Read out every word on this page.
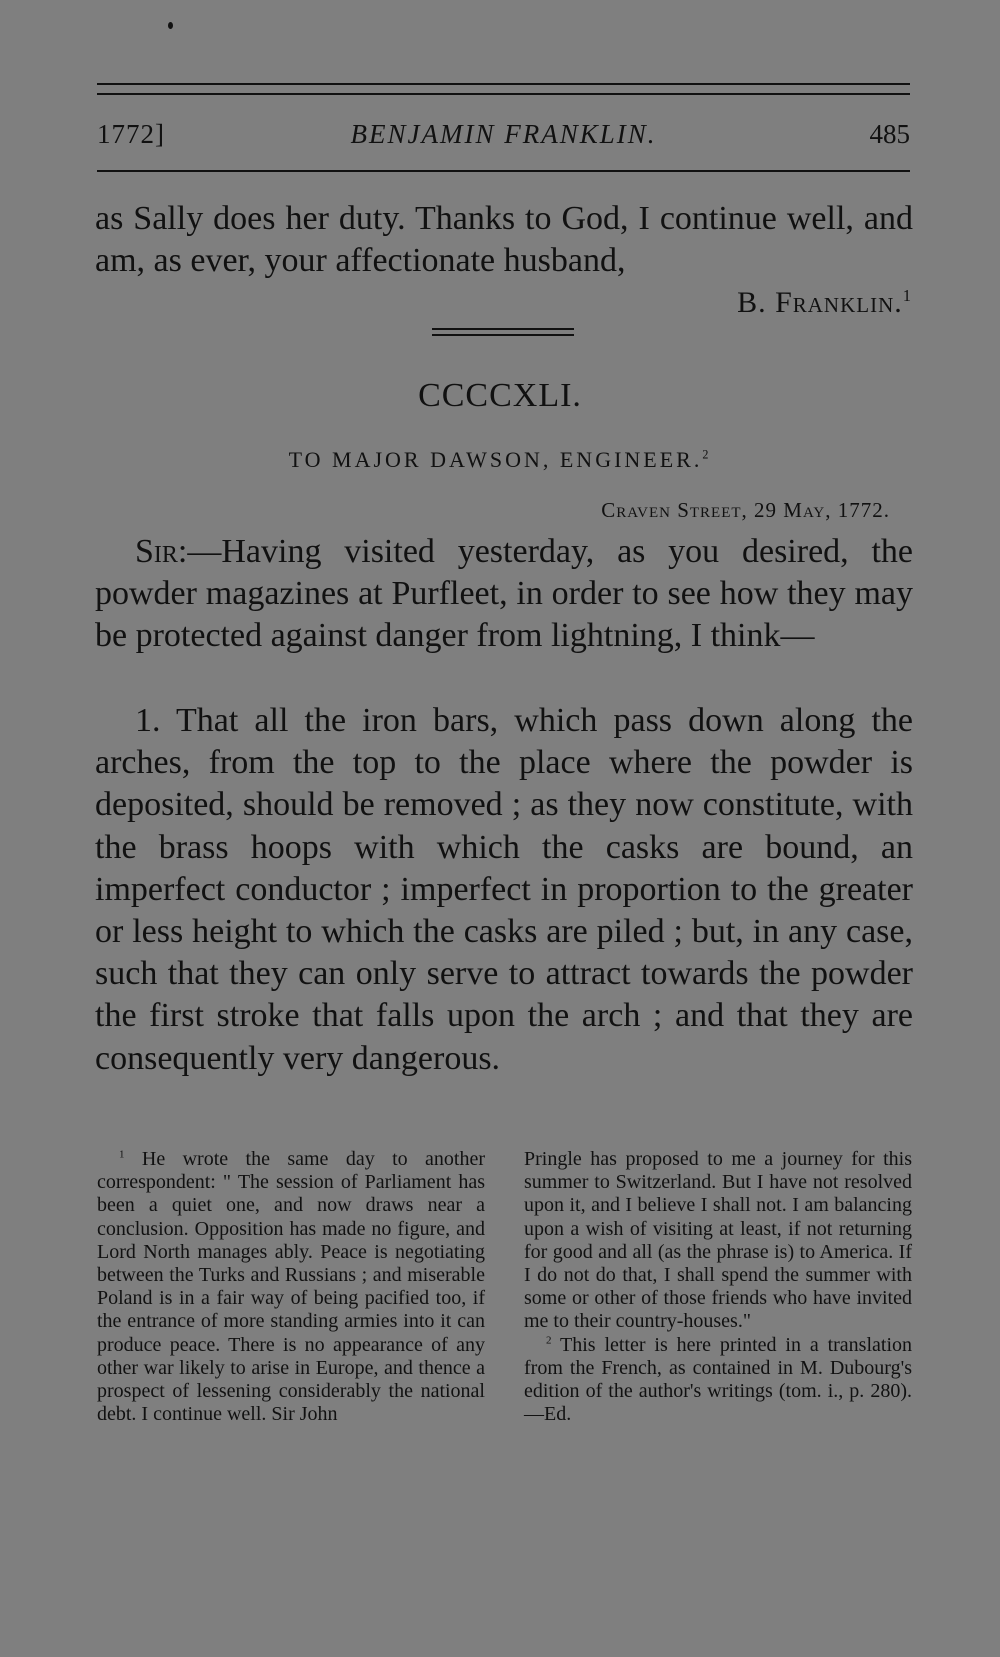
1772]	BENJAMIN FRANKLIN.	485
as Sally does her duty. Thanks to God, I continue well, and am, as ever, your affectionate husband,
B. Franklin.$^1$
CCCCXLI.
TO MAJOR DAWSON, ENGINEER.$^2$
Craven Street, 29 May, 1772.
Sir:—Having visited yesterday, as you desired, the powder magazines at Purfleet, in order to see how they may be protected against danger from lightning, I think—
1. That all the iron bars, which pass down along the arches, from the top to the place where the powder is deposited, should be removed ; as they now constitute, with the brass hoops with which the casks are bound, an imperfect conductor ; imperfect in proportion to the greater or less height to which the casks are piled ; but, in any case, such that they can only serve to attract towards the powder the first stroke that falls upon the arch ; and that they are consequently very dangerous.

$^1$ He wrote the same day to another correspondent: " The session of Parliament has been a quiet one, and now draws near a conclusion. Opposition has made no figure, and Lord North manages ably. Peace is negotiating between the Turks and Russians ; and miserable Poland is in a fair way of being pacified too, if the entrance of more standing armies into it can produce peace. There is no appearance of any other war likely to arise in Europe, and thence a prospect of lessening considerably the national debt. I continue well. Sir John

Pringle has proposed to me a journey for this summer to Switzerland. But I have not resolved upon it, and I believe I shall not. I am balancing upon a wish of visiting at least, if not returning for good and all (as the phrase is) to America. If I do not do that, I shall spend the summer with some or other of those friends who have invited me to their country-houses."

$^2$ This letter is here printed in a translation from the French, as contained in M. Dubourg's edition of the author's writings (tom. i., p. 280).—Ed.
